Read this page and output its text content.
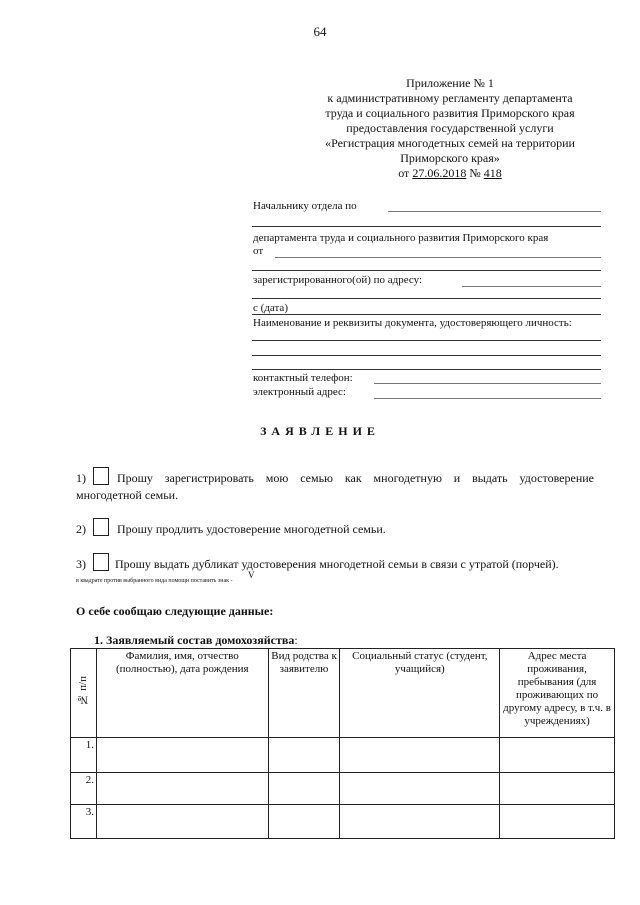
64
Приложение № 1
к административному регламенту департамента
труда и социального развития Приморского края
предоставления государственной услуги
«Регистрация многодетных семей на территории
Приморского края»
от 27.06.2018 № 418
Начальнику отдела по
департамента труда и социального развития Приморского края
от
зарегистрированного(ой) по адресу:
с (дата)
Наименование и реквизиты документа, удостоверяющего личность:
контактный телефон:
электронный адрес:
ЗАЯВЛЕНИЕ
1)	Прошу зарегистрировать мою семью как многодетную и выдать удостоверение
многодетной семьи.
2)	Прошу продлить удостоверение многодетной семьи.
3) Прошу выдать дубликат удостоверения многодетной семьи в связи с утратой (порчей).
в квадрате против выбранного вида помощи поставить знак -
V
О себе сообщаю следующие данные:
1. Заявляемый состав домохозяйства:
№ п/п	Фамилия, имя, отчество (полностью), дата рождения	Вид родства к заявителю	Социальный статус (студент, учащийся)	Адрес места проживания, пребывания (для проживающих по другому адресу, в т.ч. в учреждениях)
1.				
2.				
3.				
